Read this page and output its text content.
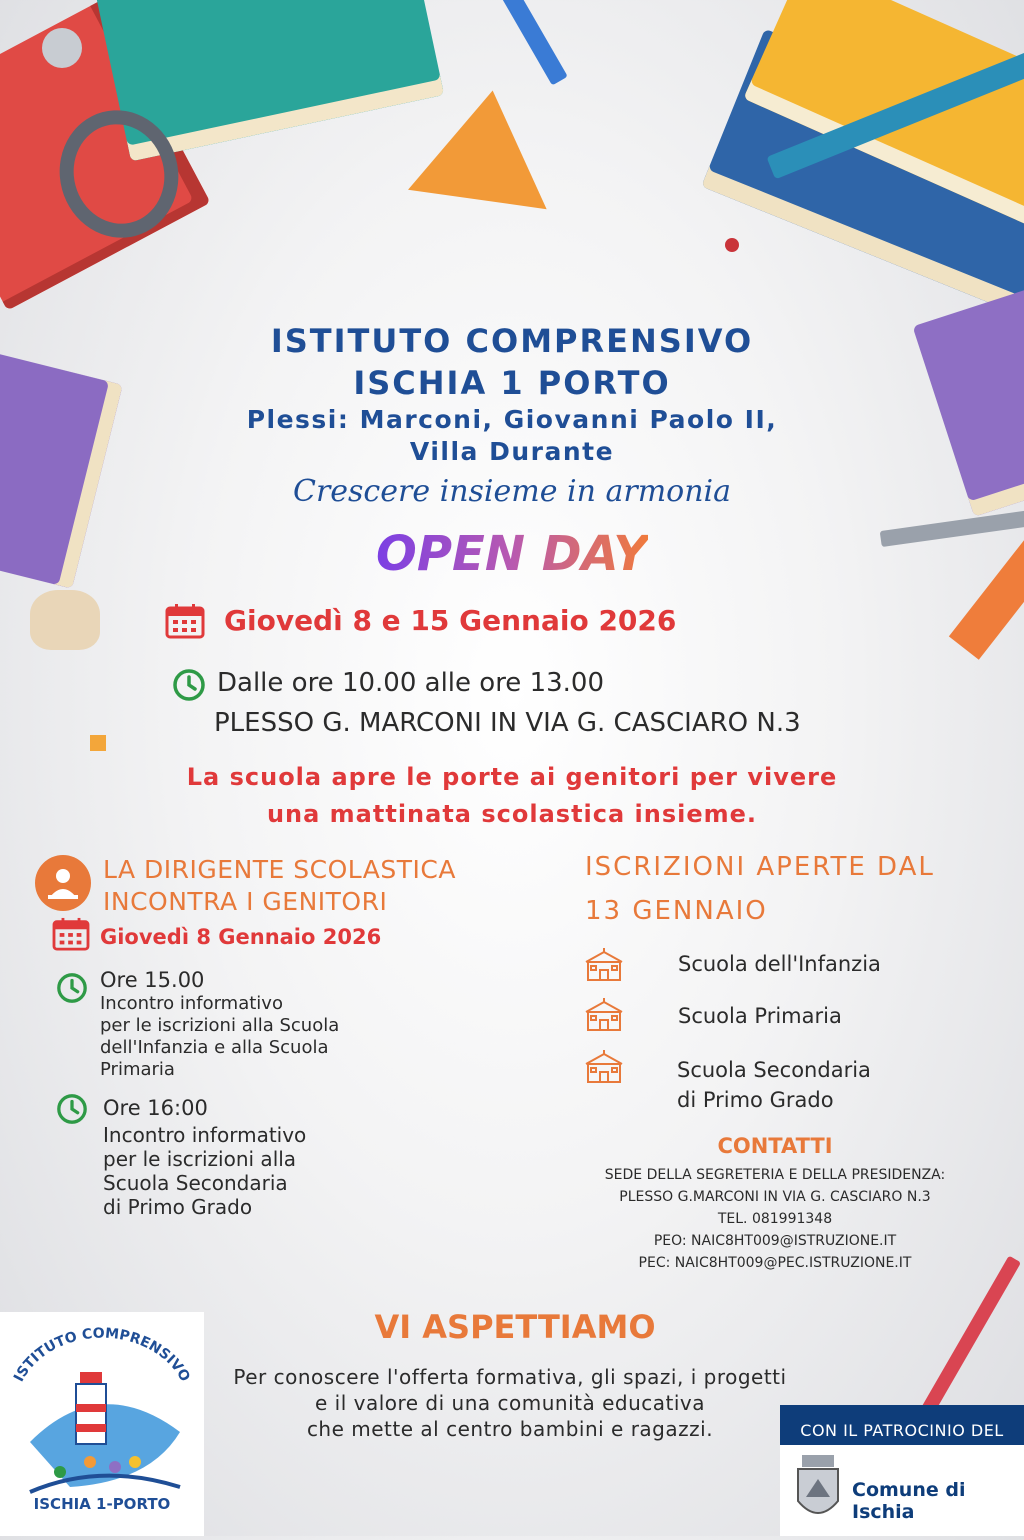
ISTITUTO COMPRENSIVO
ISCHIA 1 PORTO
Plessi: Marconi, Giovanni Paolo II,
Villa Durante
Crescere insieme in armonia
OPEN DAY
Giovedì 8 e 15 Gennaio 2026
Dalle ore 10.00 alle ore 13.00
PLESSO G. MARCONI IN VIA G. CASCIARO N.3
La scuola apre le porte ai genitori per vivere
una mattinata scolastica insieme.
LA DIRIGENTE SCOLASTICA
INCONTRA I GENITORI
Giovedì 8 Gennaio 2026
Ore 15.00
Incontro informativo
per le iscrizioni alla Scuola
dell'Infanzia e alla Scuola
Primaria
Ore 16:00
Incontro informativo
per le iscrizioni alla
Scuola Secondaria
di Primo Grado
ISCRIZIONI APERTE DAL
13 GENNAIO
Scuola dell'Infanzia
Scuola Primaria
Scuola Secondaria
di Primo Grado
CONTATTI
SEDE DELLA SEGRETERIA E DELLA PRESIDENZA:
PLESSO G.MARCONI IN VIA G. CASCIARO N.3
TEL. 081991348
PEO: NAIC8HT009@ISTRUZIONE.IT
PEC: NAIC8HT009@PEC.ISTRUZIONE.IT
VI ASPETTIAMO
Per conoscere l'offerta formativa, gli spazi, i progetti
e il valore di una comunità educativa
che mette al centro bambini e ragazzi.
ISTITUTO COMPRENSIVO
ISCHIA 1-PORTO
CON IL PATROCINIO DEL
Comune di Ischia
